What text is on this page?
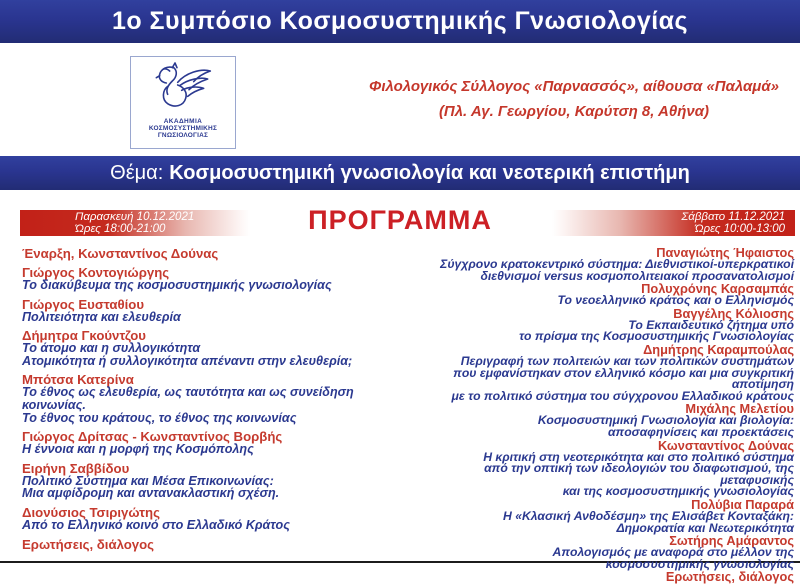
1ο Συμπόσιο Κοσμοσυστημικής Γνωσιολογίας
ΑΚΑΔΗΜΙΑ
ΚΟΣΜΟΣΥΣΤΗΜΙΚΗΣ ΓΝΩΣΙΟΛΟΓΙΑΣ
Φιλολογικός Σύλλογος «Παρνασσός», αίθουσα «Παλαμά»
(Πλ. Αγ. Γεωργίου, Καρύτση 8, Αθήνα)
Θέμα: Κοσμοσυστημική γνωσιολογία και νεοτερική επιστήμη
Παρασκευή 10.12.2021
Ώρες 18:00-21:00	ΠΡΟΓΡΑΜΜΑ	Σάββατο 11.12.2021
Ώρες 10:00-13:00
Έναρξη, Κωνσταντίνος Δούνας
Γιώργος Κοντογιώργης
Το διακύβευμα της κοσμοσυστημικής γνωσιολογίας
Γιώργος Ευσταθίου
Πολιτειότητα και ελευθερία
Δήμητρα Γκούντζου
Το άτομο και η συλλογικότητα
Ατομικότητα ή συλλογικότητα απέναντι στην ελευθερία;
Μπότσα Κατερίνα
Το έθνος ως ελευθερία, ως ταυτότητα και ως συνείδηση κοινωνίας.
Το έθνος του κράτους, το έθνος της κοινωνίας
Γιώργος Δρίτσας - Κωνσταντίνος Βορβής
Η έννοια και η μορφή της Κοσμόπολης
Ειρήνη Σαββίδου
Πολιτικό Σύστημα και Μέσα Επικοινωνίας:
Μια αμφίδρομη και αντανακλαστική σχέση.
Διονύσιος Τσιριγώτης
Από το Ελληνικό κοινό στο Ελλαδικό Κράτος
Ερωτήσεις, διάλογος
Παναγιώτης Ήφαιστος
Σύγχρονο κρατοκεντρικό σύστημα: Διεθνιστικοί-υπερκρατικοί
διεθνισμοί versus κοσμοπολιτειακοί προσανατολισμοί
Πολυχρόνης Καρσαμπάς
Το νεοελληνικό κράτος και ο Ελληνισμός
Βαγγέλης Κόλιοσης
Το Εκπαιδευτικό ζήτημα υπό
το πρίσμα της Κοσμοσυστημικής Γνωσιολογίας
Δημήτρης Καραμπούλας
Περιγραφή των πολιτειών και των πολιτικών συστημάτων
που εμφανίστηκαν στον ελληνικό κόσμο και μια συγκριτική αποτίμηση
με το πολιτικό σύστημα του σύγχρονου Ελλαδικού κράτους
Μιχάλης Μελετίου
Κοσμοσυστημική Γνωσιολογία και βιολογία:
αποσαφηνίσεις και προεκτάσεις
Κωνσταντίνος Δούνας
Η κριτική στη νεοτερικότητα και στο πολιτικό σύστημα
από την οπτική των ιδεολογιών του διαφωτισμού, της μεταφυσικής
και της κοσμοσυστημικής γνωσιολογίας
Πολύβια Παραρά
Η «Κλασική Ανθοδέσμη» της Ελισάβετ Κονταξάκη:
Δημοκρατία και Νεωτερικότητα
Σωτήρης Αμάραντος
Απολογισμός με αναφορά στο μέλλον της
κοσμοσυστημικής γνωσιολογίας
Ερωτήσεις, διάλογος
